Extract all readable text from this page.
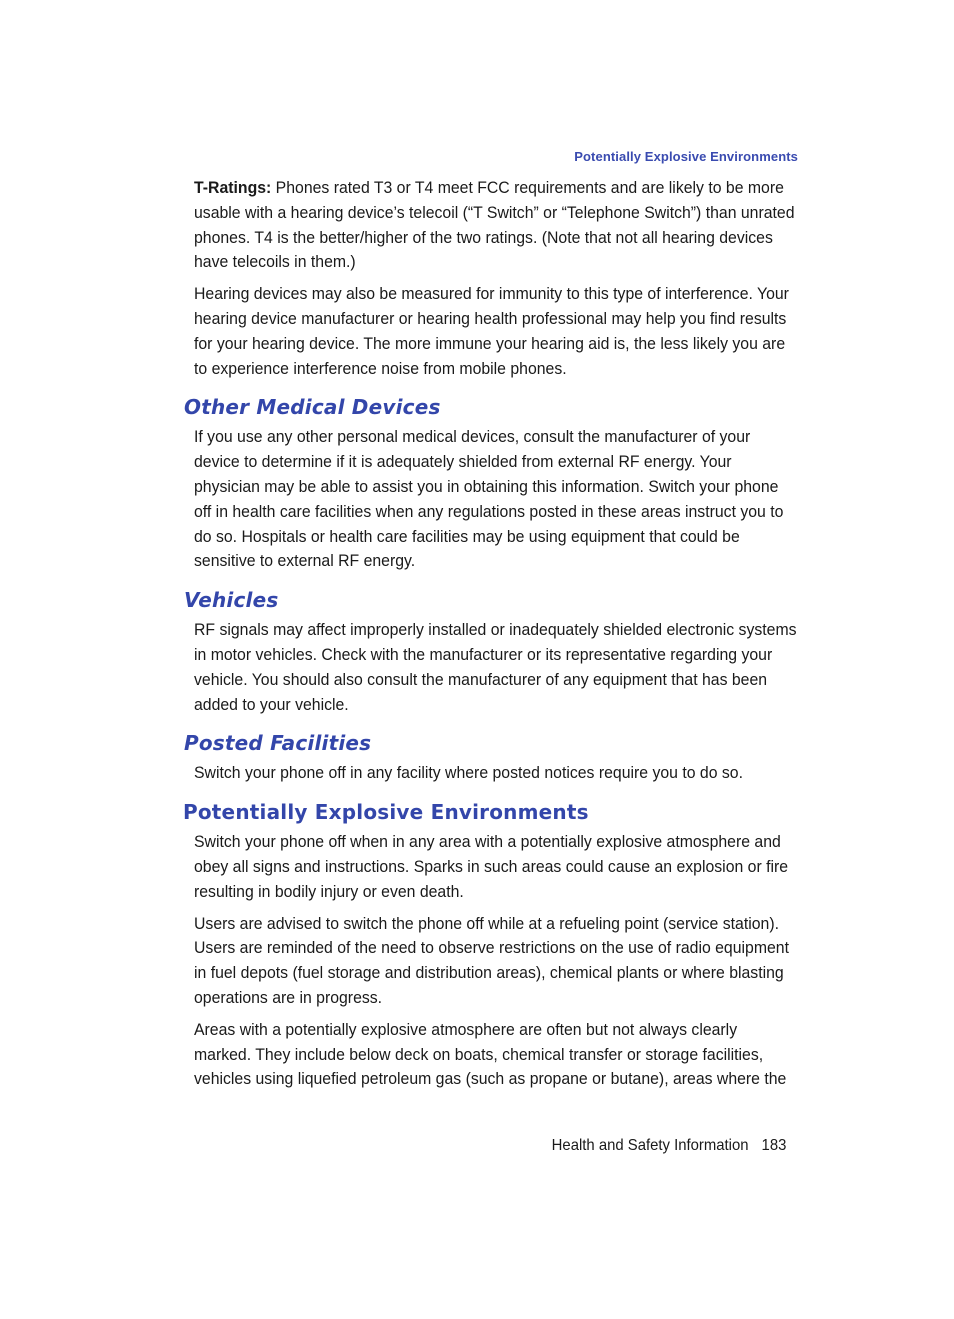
Potentially Explosive Environments

T-Ratings: Phones rated T3 or T4 meet FCC requirements and are likely to be more usable with a hearing device’s telecoil (“T Switch” or “Telephone Switch”) than unrated phones. T4 is the better/higher of the two ratings. (Note that not all hearing devices have telecoils in them.)

Hearing devices may also be measured for immunity to this type of interference. Your hearing device manufacturer or hearing health professional may help you find results for your hearing device. The more immune your hearing aid is, the less likely you are to experience interference noise from mobile phones.

Other Medical Devices

If you use any other personal medical devices, consult the manufacturer of your device to determine if it is adequately shielded from external RF energy. Your physician may be able to assist you in obtaining this information. Switch your phone off in health care facilities when any regulations posted in these areas instruct you to do so. Hospitals or health care facilities may be using equipment that could be sensitive to external RF energy.

Vehicles

RF signals may affect improperly installed or inadequately shielded electronic systems in motor vehicles. Check with the manufacturer or its representative regarding your vehicle. You should also consult the manufacturer of any equipment that has been added to your vehicle.

Posted Facilities

Switch your phone off in any facility where posted notices require you to do so.

Potentially Explosive Environments

Switch your phone off when in any area with a potentially explosive atmosphere and obey all signs and instructions. Sparks in such areas could cause an explosion or fire resulting in bodily injury or even death.

Users are advised to switch the phone off while at a refueling point (service station). Users are reminded of the need to observe restrictions on the use of radio equipment in fuel depots (fuel storage and distribution areas), chemical plants or where blasting operations are in progress.

Areas with a potentially explosive atmosphere are often but not always clearly marked. They include below deck on boats, chemical transfer or storage facilities, vehicles using liquefied petroleum gas (such as propane or butane), areas where the

Health and Safety Information 183
